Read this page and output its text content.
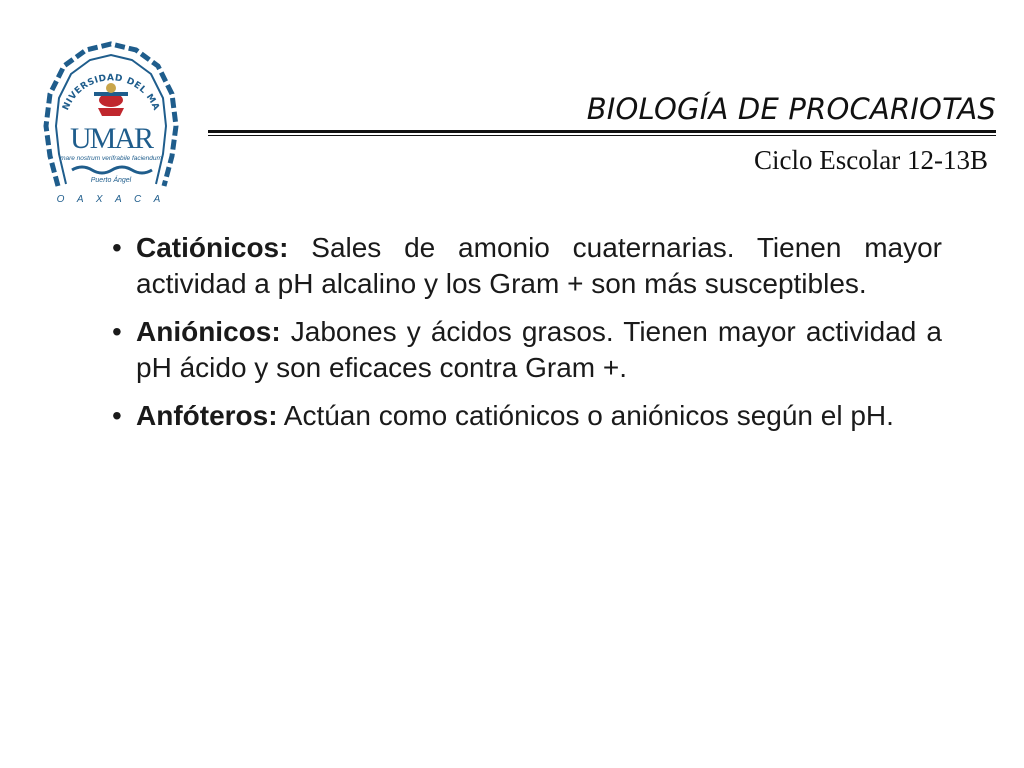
NIVERSIDAD DEL MA
UMAR
mare nostrum verifrabile faciendum
Puerto Ángel
O A X A C A
BIOLOGÍA DE PROCARIOTAS
Ciclo Escolar 12-13B
• Catiónicos: Sales de amonio cuaternarias. Tienen mayor actividad a pH alcalino y los Gram + son más susceptibles.
• Aniónicos: Jabones y ácidos grasos. Tienen mayor actividad a pH ácido y son eficaces contra Gram +.
• Anfóteros: Actúan como catiónicos o aniónicos según el pH.
